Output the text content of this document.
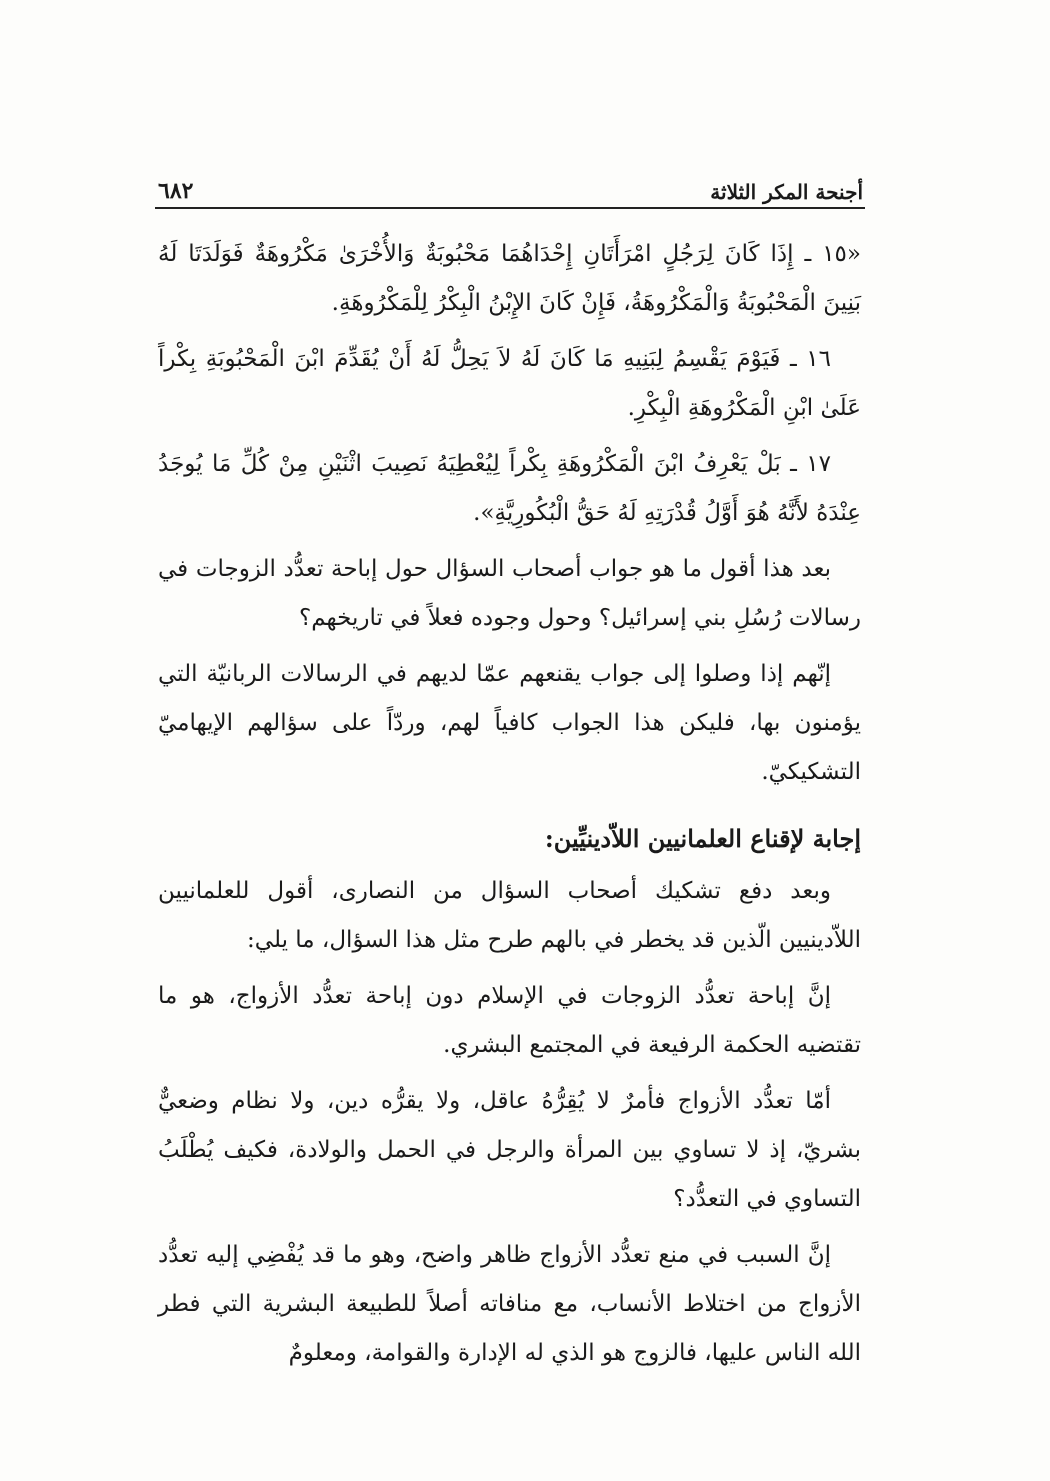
أجنحة المكر الثلاثة
٦٨٢

«١٥ ـ إِذَا كَانَ لِرَجُلٍ امْرَأَتَانِ إِحْدَاهُمَا مَحْبُوبَةٌ وَالأُخْرَىٰ مَكْرُوهَةٌ فَوَلَدَتَا لَهُ بَنِينَ الْمَحْبُوبَةُ وَالْمَكْرُوهَةُ، فَإِنْ كَانَ الإِبْنُ الْبِكْرُ لِلْمَكْرُوهَةِ.

١٦ ـ فَيَوْمَ يَقْسِمُ لِبَنِيهِ مَا كَانَ لَهُ لاَ يَحِلُّ لَهُ أَنْ يُقَدِّمَ ابْنَ الْمَحْبُوبَةِ بِكْراً عَلَىٰ ابْنِ الْمَكْرُوهَةِ الْبِكْرِ.

١٧ ـ بَلْ يَعْرِفُ ابْنَ الْمَكْرُوهَةِ بِكْراً لِيُعْطِيَهُ نَصِيبَ اثْنَيْنِ مِنْ كُلِّ مَا يُوجَدُ عِنْدَهُ لأَنَّهُ هُوَ أَوَّلُ قُدْرَتِهِ لَهُ حَقُّ الْبُكُورِيَّةِ».

بعد هذا أقول ما هو جواب أصحاب السؤال حول إباحة تعدُّد الزوجات في رسالات رُسُلِ بني إسرائيل؟ وحول وجوده فعلاً في تاريخهم؟

إنّهم إذا وصلوا إلى جواب يقنعهم عمّا لديهم في الرسالات الربانيّة التي يؤمنون بها، فليكن هذا الجواب كافياً لهم، وردّاً على سؤالهم الإيهاميّ التشكيكيّ.

إجابة لإقناع العلمانيين اللاّدينيِّين:

وبعد دفع تشكيك أصحاب السؤال من النصارى، أقول للعلمانيين اللاّدينيين الّذين قد يخطر في بالهم طرح مثل هذا السؤال، ما يلي:

إنَّ إباحة تعدُّد الزوجات في الإسلام دون إباحة تعدُّد الأزواج، هو ما تقتضيه الحكمة الرفيعة في المجتمع البشري.

أمّا تعدُّد الأزواج فأمرٌ لا يُقِرُّهُ عاقل، ولا يقرُّه دين، ولا نظام وضعيٌّ بشريّ، إذ لا تساوي بين المرأة والرجل في الحمل والولادة، فكيف يُطْلَبُ التساوي في التعدُّد؟

إنَّ السبب في منع تعدُّد الأزواج ظاهر واضح، وهو ما قد يُفْضِي إليه تعدُّد الأزواج من اختلاط الأنساب، مع منافاته أصلاً للطبيعة البشرية التي فطر الله الناس عليها، فالزوج هو الذي له الإدارة والقوامة، ومعلومٌ
